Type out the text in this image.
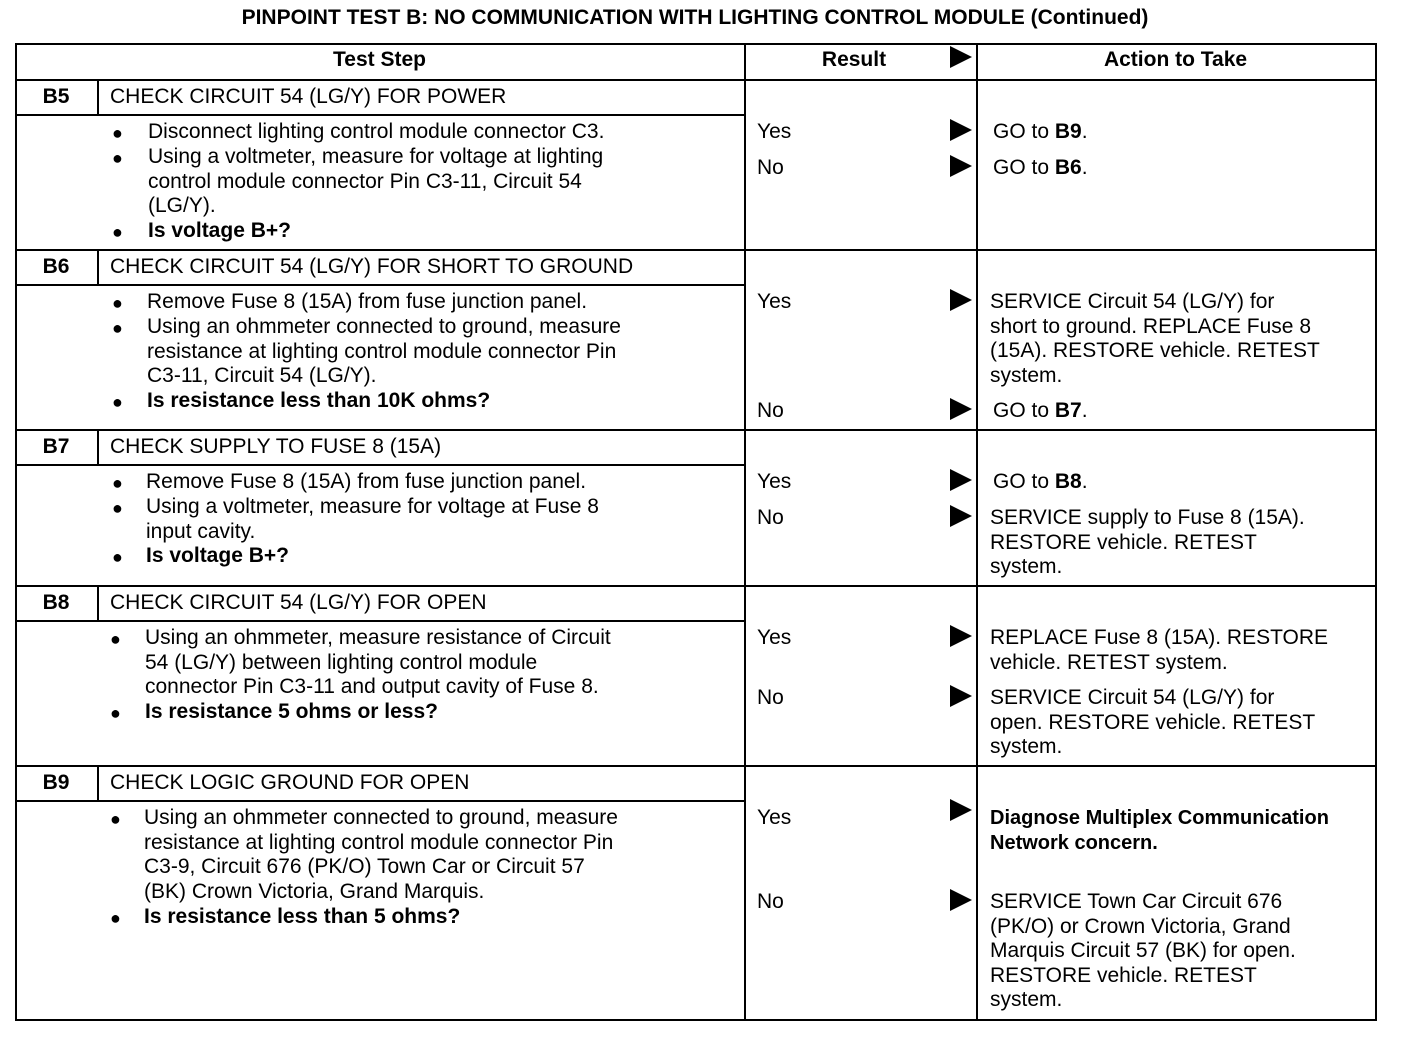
PINPOINT TEST B: NO COMMUNICATION WITH LIGHTING CONTROL MODULE (Continued)
Test Step	Result	Action to Take
B5	CHECK CIRCUIT 54 (LG/Y) FOR POWER
● Disconnect lighting control module connector C3.
● Using a voltmeter, measure for voltage at lighting
control module connector Pin C3-11, Circuit 54
(LG/Y).
● Is voltage B+?
Yes	GO to B9.
No	GO to B6.
B6	CHECK CIRCUIT 54 (LG/Y) FOR SHORT TO GROUND
● Remove Fuse 8 (15A) from fuse junction panel.
● Using an ohmmeter connected to ground, measure
resistance at lighting control module connector Pin
C3-11, Circuit 54 (LG/Y).
● Is resistance less than 10K ohms?
Yes	SERVICE Circuit 54 (LG/Y) for
short to ground. REPLACE Fuse 8
(15A). RESTORE vehicle. RETEST
system.
No	GO to B7.
B7	CHECK SUPPLY TO FUSE 8 (15A)
● Remove Fuse 8 (15A) from fuse junction panel.
● Using a voltmeter, measure for voltage at Fuse 8
input cavity.
● Is voltage B+?
Yes	GO to B8.
No	SERVICE supply to Fuse 8 (15A).
RESTORE vehicle. RETEST
system.
B8	CHECK CIRCUIT 54 (LG/Y) FOR OPEN
● Using an ohmmeter, measure resistance of Circuit
54 (LG/Y) between lighting control module
connector Pin C3-11 and output cavity of Fuse 8.
● Is resistance 5 ohms or less?
Yes	REPLACE Fuse 8 (15A). RESTORE
vehicle. RETEST system.
No	SERVICE Circuit 54 (LG/Y) for
open. RESTORE vehicle. RETEST
system.
B9	CHECK LOGIC GROUND FOR OPEN
● Using an ohmmeter connected to ground, measure
resistance at lighting control module connector Pin
C3-9, Circuit 676 (PK/O) Town Car or Circuit 57
(BK) Crown Victoria, Grand Marquis.
● Is resistance less than 5 ohms?
Yes	Diagnose Multiplex Communication
Network concern.
No	SERVICE Town Car Circuit 676
(PK/O) or Crown Victoria, Grand
Marquis Circuit 57 (BK) for open.
RESTORE vehicle. RETEST
system.
